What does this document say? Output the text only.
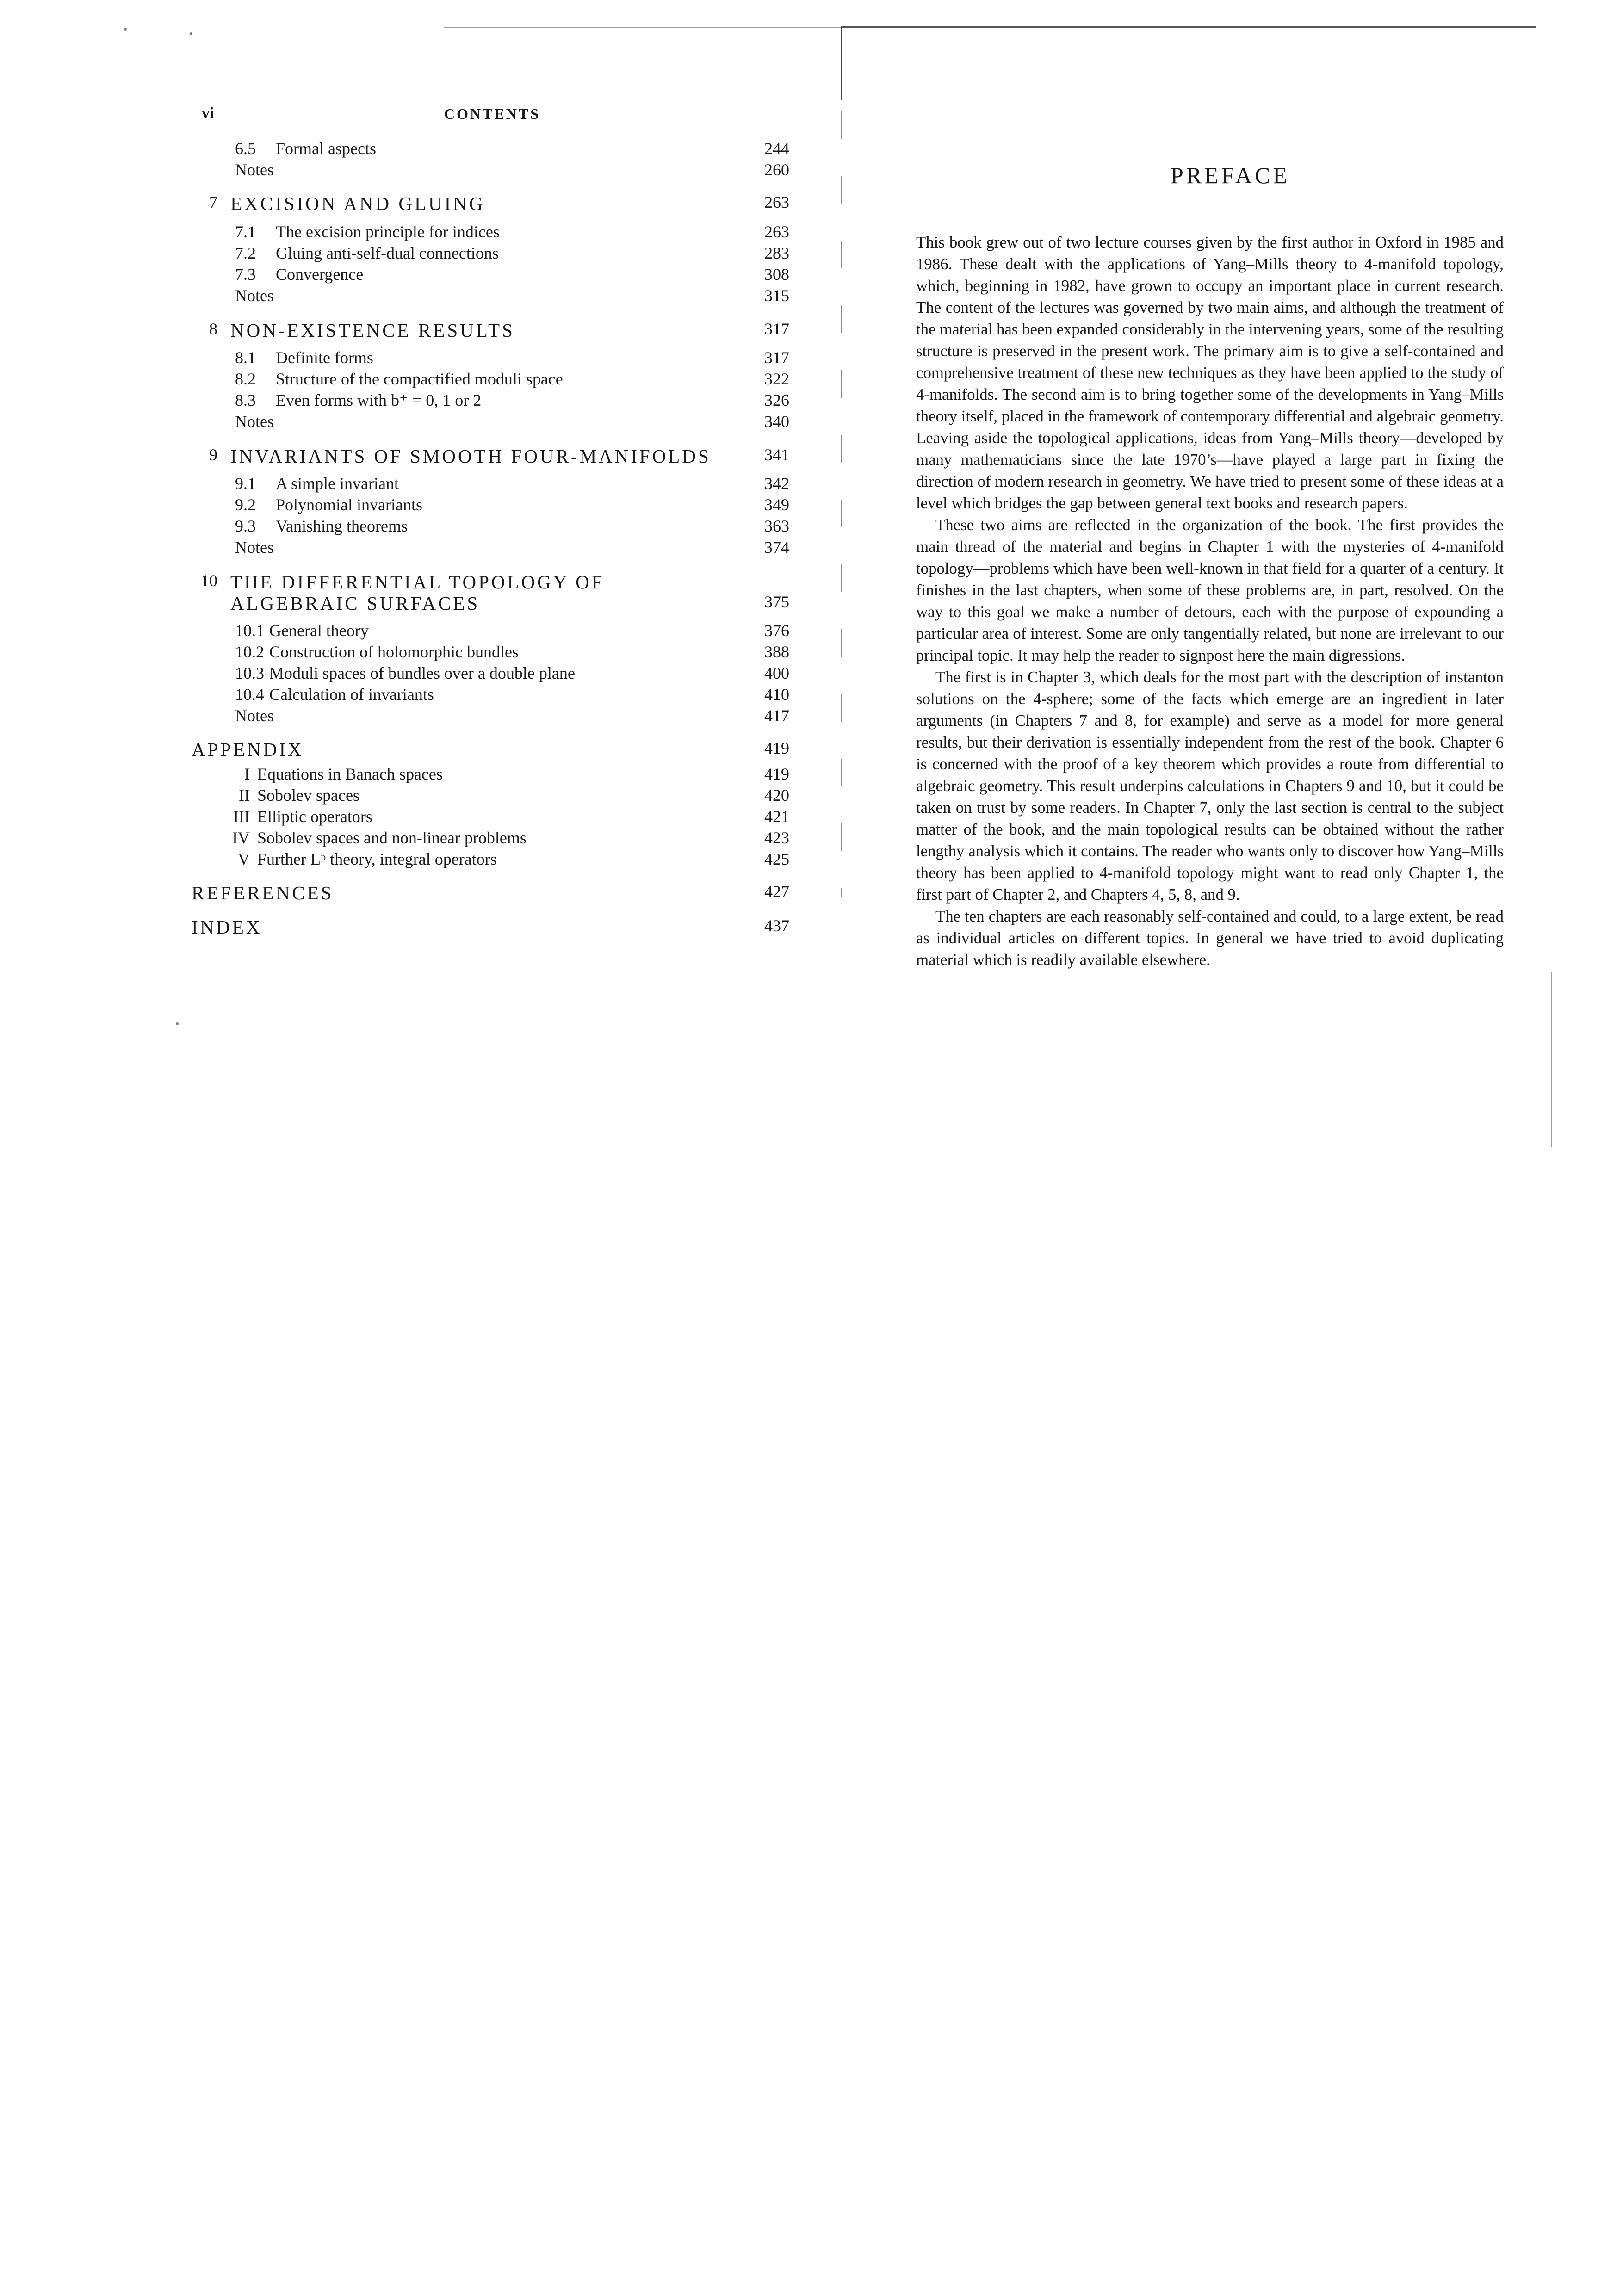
vi	CONTENTS
6.5	Formal aspects	244
Notes	260
7 EXCISION AND GLUING	263
7.1	The excision principle for indices	263
7.2	Gluing anti-self-dual connections	283
7.3	Convergence	308
Notes	315
8 NON-EXISTENCE RESULTS	317
8.1	Definite forms	317
8.2	Structure of the compactified moduli space	322
8.3	Even forms with b⁺ = 0, 1 or 2	326
Notes	340
9 INVARIANTS OF SMOOTH FOUR-MANIFOLDS	341
9.1	A simple invariant	342
9.2	Polynomial invariants	349
9.3	Vanishing theorems	363
Notes	374
10 THE DIFFERENTIAL TOPOLOGY OF
ALGEBRAIC SURFACES	375
10.1 General theory	376
10.2 Construction of holomorphic bundles	388
10.3 Moduli spaces of bundles over a double plane	400
10.4 Calculation of invariants	410
Notes	417
APPENDIX	419
I Equations in Banach spaces	419
II Sobolev spaces	420
III Elliptic operators	421
IV Sobolev spaces and non-linear problems	423
V Further Lᵖ theory, integral operators	425
REFERENCES	427
INDEX	437
PREFACE

This book grew out of two lecture courses given by the first author in Oxford in 1985 and 1986. These dealt with the applications of Yang–Mills theory to 4-manifold topology, which, beginning in 1982, have grown to occupy an important place in current research. The content of the lectures was governed by two main aims, and although the treatment of the material has been expanded considerably in the intervening years, some of the resulting structure is preserved in the present work. The primary aim is to give a self-contained and comprehensive treatment of these new techniques as they have been applied to the study of 4-manifolds. The second aim is to bring together some of the developments in Yang–Mills theory itself, placed in the framework of contemporary differential and algebraic geometry. Leaving aside the topological applications, ideas from Yang–Mills theory—developed by many mathematicians since the late 1970’s—have played a large part in fixing the direction of modern research in geometry. We have tried to present some of these ideas at a level which bridges the gap between general text books and research papers.

These two aims are reflected in the organization of the book. The first provides the main thread of the material and begins in Chapter 1 with the mysteries of 4-manifold topology—problems which have been well-known in that field for a quarter of a century. It finishes in the last chapters, when some of these problems are, in part, resolved. On the way to this goal we make a number of detours, each with the purpose of expounding a particular area of interest. Some are only tangentially related, but none are irrelevant to our principal topic. It may help the reader to signpost here the main digressions.

The first is in Chapter 3, which deals for the most part with the description of instanton solutions on the 4-sphere; some of the facts which emerge are an ingredient in later arguments (in Chapters 7 and 8, for example) and serve as a model for more general results, but their derivation is essentially independent from the rest of the book. Chapter 6 is concerned with the proof of a key theorem which provides a route from differential to algebraic geometry. This result underpins calculations in Chapters 9 and 10, but it could be taken on trust by some readers. In Chapter 7, only the last section is central to the subject matter of the book, and the main topological results can be obtained without the rather lengthy analysis which it contains. The reader who wants only to discover how Yang–Mills theory has been applied to 4-manifold topology might want to read only Chapter 1, the first part of Chapter 2, and Chapters 4, 5, 8, and 9.

The ten chapters are each reasonably self-contained and could, to a large extent, be read as individual articles on different topics. In general we have tried to avoid duplicating material which is readily available elsewhere.
